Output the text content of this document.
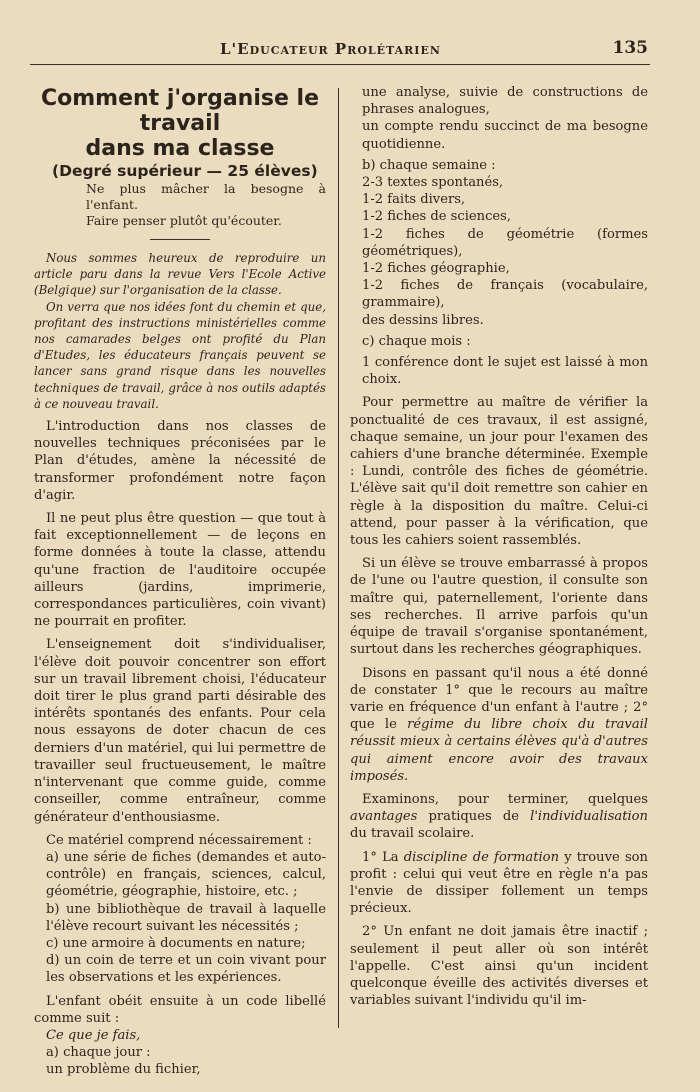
L'Educateur Prolétarien	135
Comment j'organise le travail
dans ma classe
(Degré supérieur — 25 élèves)
Ne plus mâcher la besogne à l'enfant.
Faire penser plutôt qu'écouter.

Nous sommes heureux de reproduire un article paru dans la revue Vers l'Ecole Active (Belgique) sur l'organisation de la classe.

On verra que nos idées font du chemin et que, profitant des instructions ministérielles comme nos camarades belges ont profité du Plan d'Etudes, les éducateurs français peuvent se lancer sans grand risque dans les nouvelles techniques de travail, grâce à nos outils adaptés à ce nouveau travail.

L'introduction dans nos classes de nouvelles techniques préconisées par le Plan d'études, amène la nécessité de transformer profondément notre façon d'agir.

Il ne peut plus être question — que tout à fait exceptionnellement — de leçons en forme données à toute la classe, attendu qu'une fraction de l'auditoire occupée ailleurs (jardins, imprimerie, correspondances particulières, coin vivant) ne pourrait en profiter.

L'enseignement doit s'individualiser, l'élève doit pouvoir concentrer son effort sur un travail librement choisi, l'éducateur doit tirer le plus grand parti désirable des intérêts spontanés des enfants. Pour cela nous essayons de doter chacun de ces derniers d'un matériel, qui lui permettre de travailler seul fructueusement, le maître n'intervenant que comme guide, comme conseiller, comme entraîneur, comme générateur d'enthousiasme.

Ce matériel comprend nécessairement :

a) une série de fiches (demandes et auto-contrôle) en français, sciences, calcul, géométrie, géographie, histoire, etc. ;

b) une bibliothèque de travail à laquelle l'élève recourt suivant les nécessités ;

c) une armoire à documents en nature;

d) un coin de terre et un coin vivant pour les observations et les expériences.

L'enfant obéit ensuite à un code libellé comme suit :

Ce que je fais,

a) chaque jour :

un problème du fichier,

une analyse, suivie de constructions de phrases analogues,

un compte rendu succinct de ma besogne quotidienne.

b) chaque semaine :

2-3 textes spontanés,

1-2 faits divers,

1-2 fiches de sciences,

1-2 fiches de géométrie (formes géométriques),

1-2 fiches géographie,

1-2 fiches de français (vocabulaire, grammaire),

des dessins libres.

c) chaque mois :

1 conférence dont le sujet est laissé à mon choix.

Pour permettre au maître de vérifier la ponctualité de ces travaux, il est assigné, chaque semaine, un jour pour l'examen des cahiers d'une branche déterminée. Exemple : Lundi, contrôle des fiches de géométrie. L'élève sait qu'il doit remettre son cahier en règle à la disposition du maître. Celui-ci attend, pour passer à la vérification, que tous les cahiers soient rassemblés.

Si un élève se trouve embarrassé à propos de l'une ou l'autre question, il consulte son maître qui, paternellement, l'oriente dans ses recherches. Il arrive parfois qu'un équipe de travail s'organise spontanément, surtout dans les recherches géographiques.

Disons en passant qu'il nous a été donné de constater 1° que le recours au maître varie en fréquence d'un enfant à l'autre ; 2° que le régime du libre choix du travail réussit mieux à certains élèves qu'à d'autres qui aiment encore avoir des travaux imposés.

Examinons, pour terminer, quelques avantages pratiques de l'individualisation du travail scolaire.

1° La discipline de formation y trouve son profit : celui qui veut être en règle n'a pas l'envie de dissiper follement un temps précieux.

2° Un enfant ne doit jamais être inactif ; seulement il peut aller où son intérêt l'appelle. C'est ainsi qu'un incident quelconque éveille des activités diverses et variables suivant l'individu qu'il im-
